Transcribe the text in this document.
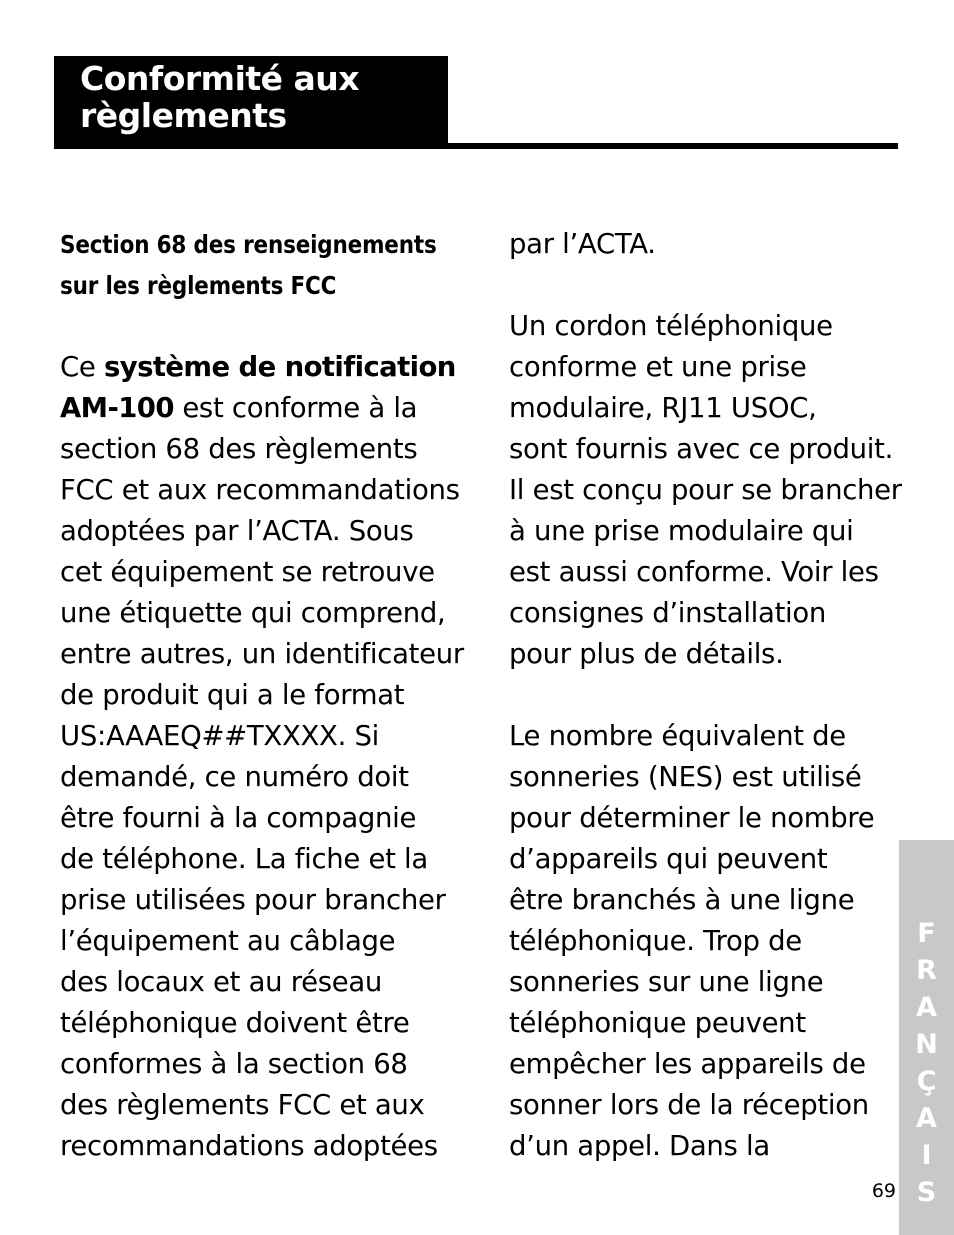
Conformité aux
règlements
Section 68 des renseignements
sur les règlements FCC
Ce système de notification
AM-100 est conforme à la
section 68 des règlements
FCC et aux recommandations
adoptées par l’ACTA. Sous
cet équipement se retrouve
une étiquette qui comprend,
entre autres, un identificateur
de produit qui a le format
US:AAAEQ##TXXXX. Si
demandé, ce numéro doit
être fourni à la compagnie
de téléphone. La fiche et la
prise utilisées pour brancher
l’équipement au câblage
des locaux et au réseau
téléphonique doivent être
conformes à la section 68
des règlements FCC et aux
recommandations adoptées
par l’ACTA.
Un cordon téléphonique
conforme et une prise
modulaire, RJ11 USOC,
sont fournis avec ce produit.
Il est conçu pour se brancher
à une prise modulaire qui
est aussi conforme. Voir les
consignes d’installation
pour plus de détails.
Le nombre équivalent de
sonneries (NES) est utilisé
pour déterminer le nombre
d’appareils qui peuvent
être branchés à une ligne
téléphonique. Trop de
sonneries sur une ligne
téléphonique peuvent
empêcher les appareils de
sonner lors de la réception
d’un appel. Dans la
F
R
A
N
Ç
A
I
S
69
